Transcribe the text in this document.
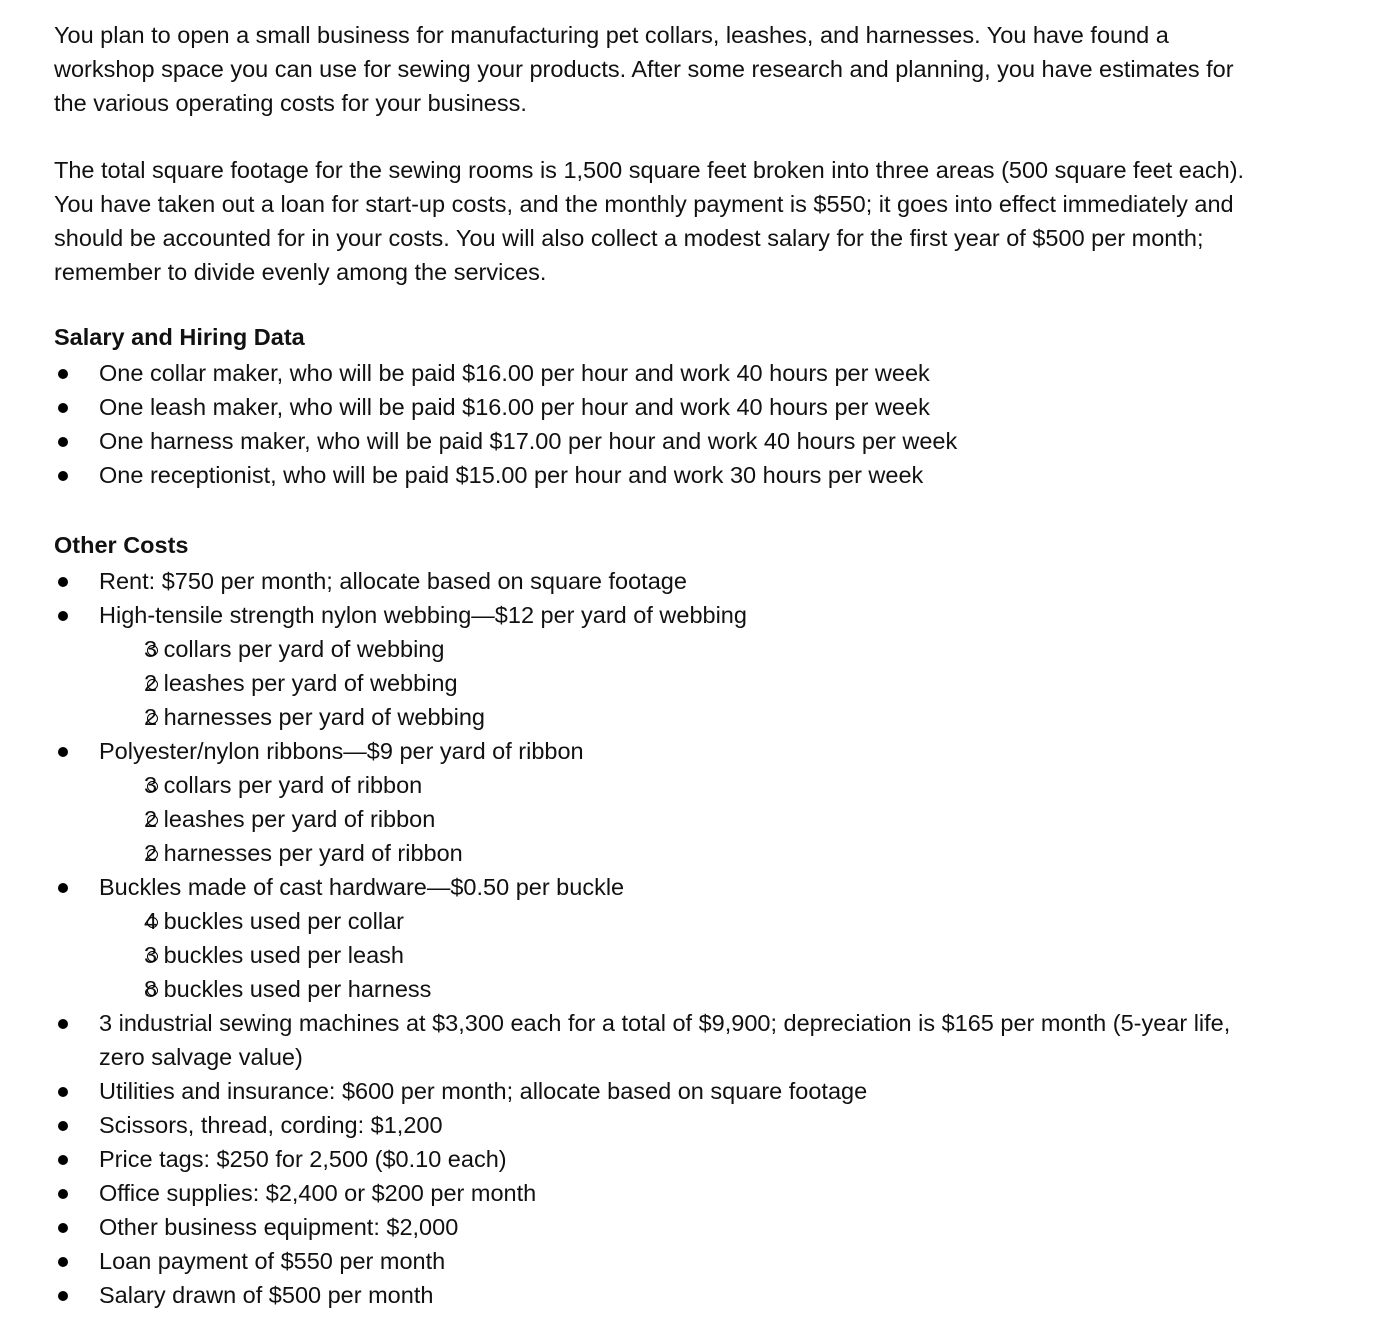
You plan to open a small business for manufacturing pet collars, leashes, and harnesses. You have found a workshop space you can use for sewing your products. After some research and planning, you have estimates for the various operating costs for your business.

The total square footage for the sewing rooms is 1,500 square feet broken into three areas (500 square feet each). You have taken out a loan for start-up costs, and the monthly payment is $550; it goes into effect immediately and should be accounted for in your costs. You will also collect a modest salary for the first year of $500 per month; remember to divide evenly among the services.

Salary and Hiring Data
One collar maker, who will be paid $16.00 per hour and work 40 hours per week
One leash maker, who will be paid $16.00 per hour and work 40 hours per week
One harness maker, who will be paid $17.00 per hour and work 40 hours per week
One receptionist, who will be paid $15.00 per hour and work 30 hours per week
Other Costs
Rent: $750 per month; allocate based on square footage
High-tensile strength nylon webbing—$12 per yard of webbing
3 collars per yard of webbing
2 leashes per yard of webbing
2 harnesses per yard of webbing
Polyester/nylon ribbons—$9 per yard of ribbon
3 collars per yard of ribbon
2 leashes per yard of ribbon
2 harnesses per yard of ribbon
Buckles made of cast hardware—$0.50 per buckle
4 buckles used per collar
3 buckles used per leash
8 buckles used per harness
3 industrial sewing machines at $3,300 each for a total of $9,900; depreciation is $165 per month (5-year life, zero salvage value)
Utilities and insurance: $600 per month; allocate based on square footage
Scissors, thread, cording: $1,200
Price tags: $250 for 2,500 ($0.10 each)
Office supplies: $2,400 or $200 per month
Other business equipment: $2,000
Loan payment of $550 per month
Salary drawn of $500 per month
